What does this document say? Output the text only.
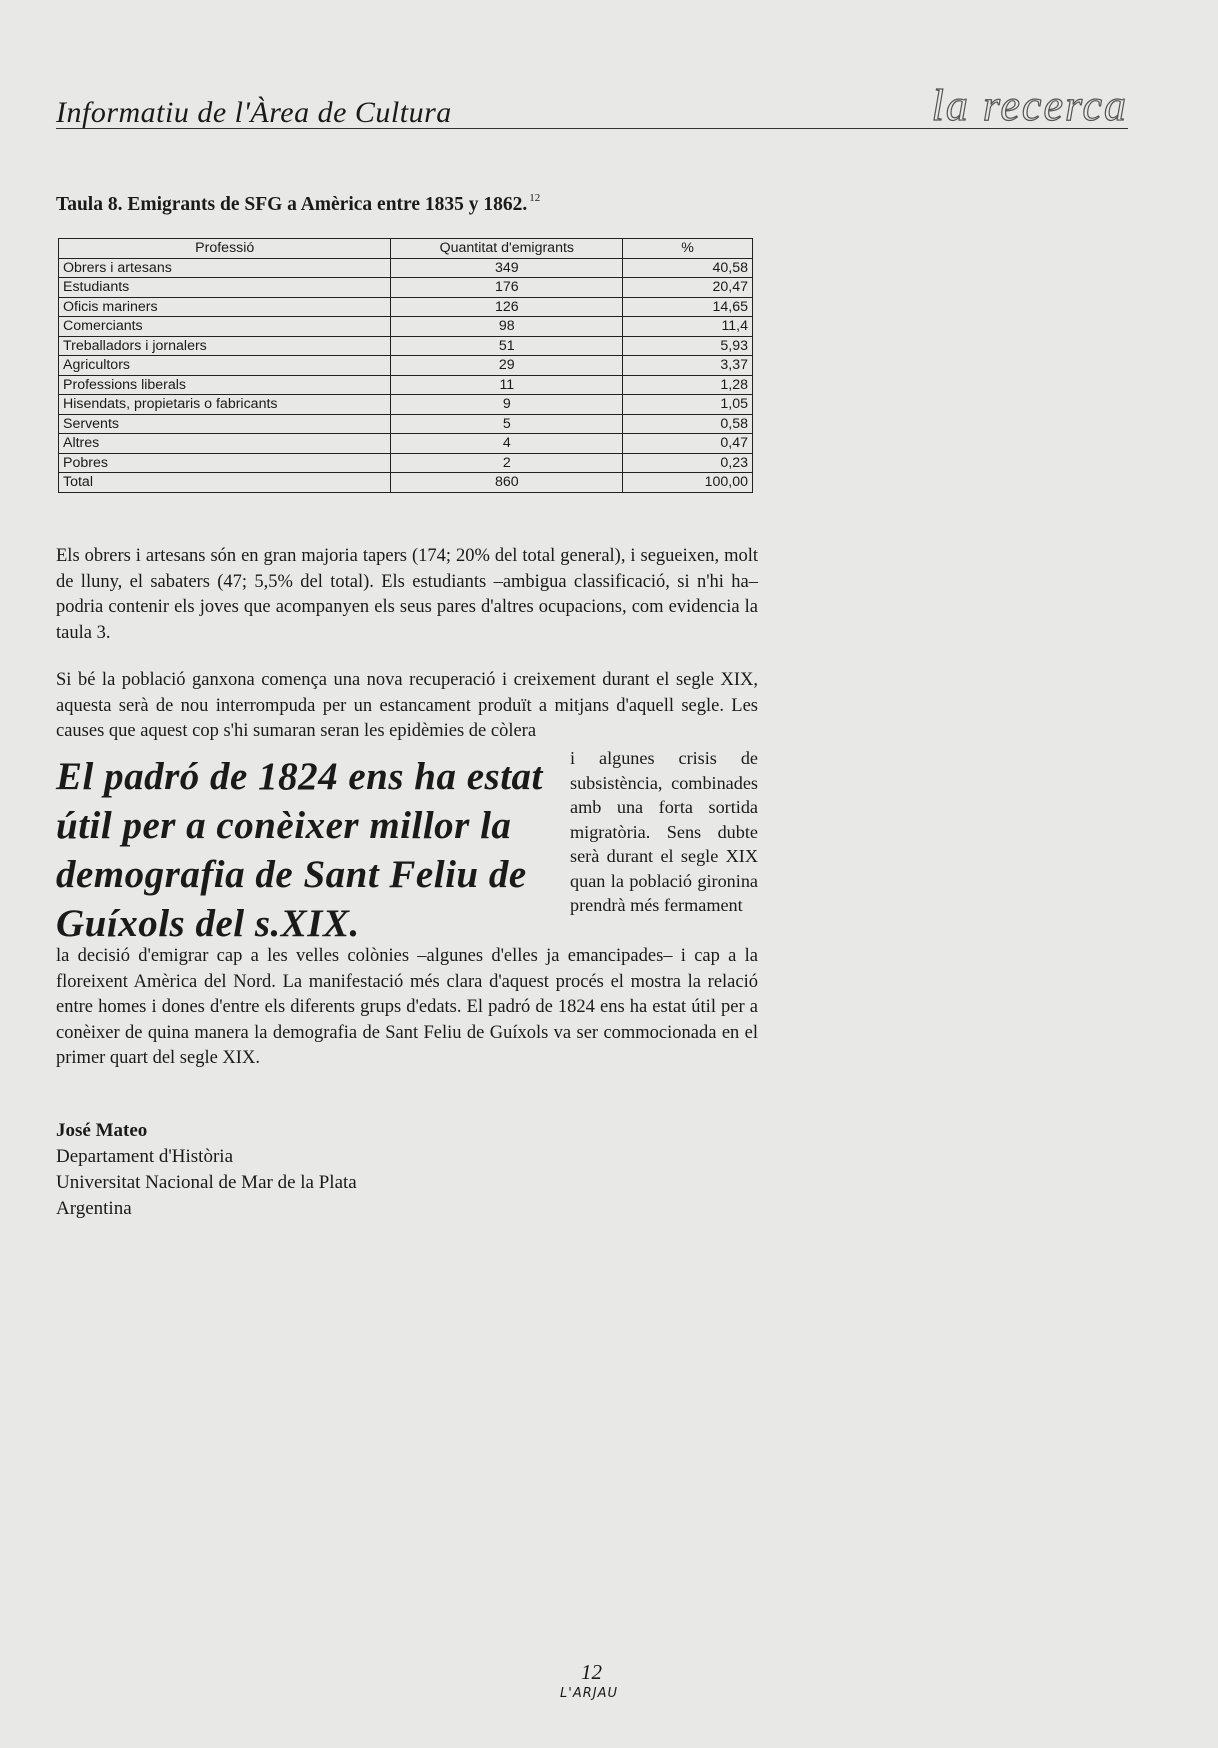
Informatiu de l'Àrea de Cultura	la recerca
Taula 8. Emigrants de SFG a Amèrica entre 1835 y 1862. $^{12}$
Professió	Quantitat d'emigrants	%
Obrers i artesans	349	40,58
Estudiants	176	20,47
Oficis mariners	126	14,65
Comerciants	98	11,4
Treballadors i jornalers	51	5,93
Agricultors	29	3,37
Professions liberals	11	1,28
Hisendats, propietaris o fabricants	9	1,05
Servents	5	0,58
Altres	4	0,47
Pobres	2	0,23
Total	860	100,00

Els obrers i artesans són en gran majoria tapers (174; 20% del total general), i segueixen, molt de lluny, el sabaters (47; 5,5% del total). Els estudiants –ambigua classificació, si n'hi ha– podria contenir els joves que acompanyen els seus pares d'altres ocupacions, com evidencia la taula 3.

Si bé la població ganxona comença una nova recuperació i creixement durant el segle XIX, aquesta serà de nou interrompuda per un estancament produït a mitjans d'aquell segle. Les causes que aquest cop s'hi sumaran seran les epidèmies de còlera

El padró de 1824 ens ha estat útil per a conèixer millor la demografia de Sant Feliu de Guíxols del s.XIX.

i algunes crisis de subsistència, combinades amb una forta sortida migratòria. Sens dubte serà durant el segle XIX quan la població gironina prendrà més fermament

la decisió d'emigrar cap a les velles colònies –algunes d'elles ja emancipades– i cap a la floreixent Amèrica del Nord. La manifestació més clara d'aquest procés el mostra la relació entre homes i dones d'entre els diferents grups d'edats. El padró de 1824 ens ha estat útil per a conèixer de quina manera la demografia de Sant Feliu de Guíxols va ser commocionada en el primer quart del segle XIX.

José Mateo
Departament d'Història
Universitat Nacional de Mar de la Plata
Argentina
12
L'ARJAU
